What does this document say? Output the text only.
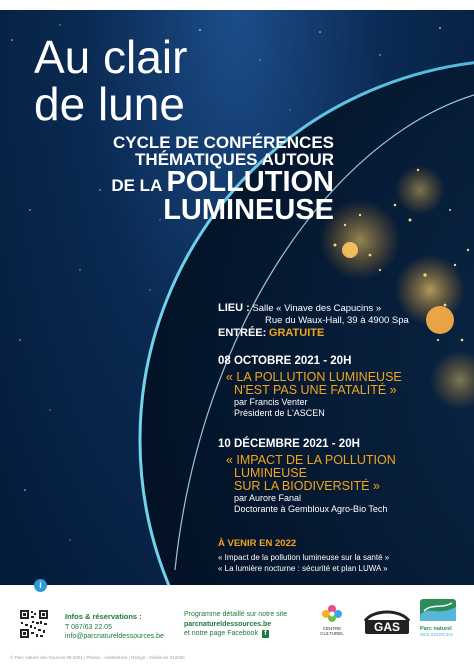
Au clair
de lune
CYCLE DE CONFÉRENCES
THÉMATIQUES AUTOUR
DE LA POLLUTION
LUMINEUSE
LIEU : Salle « Vinave des Capucins »
Rue du Waux-Hall, 39 à 4900 Spa
ENTRÉE: GRATUITE
08 OCTOBRE 2021 - 20H
« LA POLLUTION LUMINEUSE
N'EST PAS UNE FATALITÉ »
par Francis Venter
Président de L'ASCEN
10 DÉCEMBRE 2021 - 20H
« IMPACT DE LA POLLUTION
LUMINEUSE
SUR LA BIODIVERSITÉ »
par Aurore Fanal
Doctorante à Gembloux Agro-Bio Tech
À VENIR EN 2022
« Impact de la pollution lumineuse sur la santé »
« La lumière nocturne : sécurité et plan LUWA »
i
Infos & réservations :
T 087/63 22.05
info@parcnatureldessources.be
Programme détaillé sur notre site
parcnatureldessources.be
et notre page Facebook f
CENTRE CULTUREL	GAS	Parc naturel
DES SOURCES
© Parc naturel des Sources 09-2021 | Photos : Adobestock | Design : Visible.be 012920
